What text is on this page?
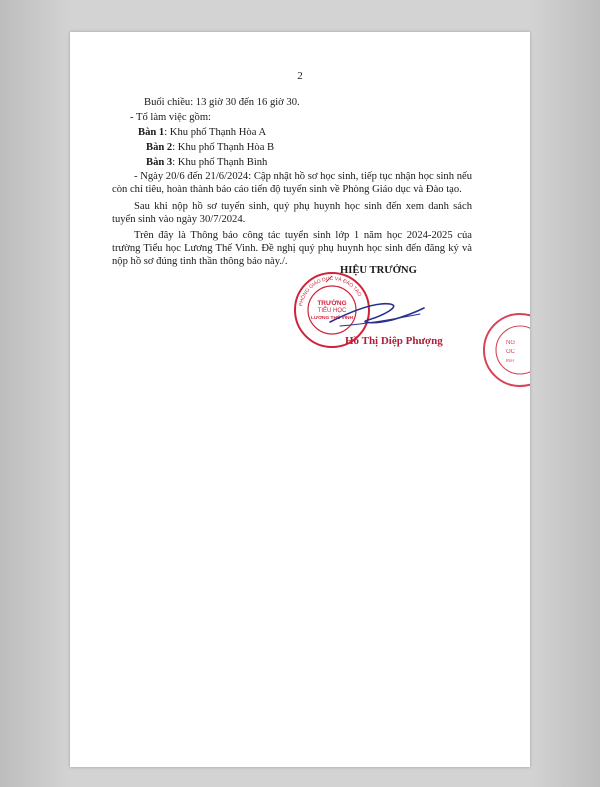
2
Buổi chiều: 13 giờ 30 đến 16 giờ 30.
- Tổ làm việc gồm:
Bàn 1: Khu phố Thạnh Hòa A
Bàn 2: Khu phố Thạnh Hòa B
Bàn 3: Khu phố Thạnh Bình
- Ngày 20/6 đến 21/6/2024: Cập nhật hồ sơ học sinh, tiếp tục nhận học sinh nếu còn chỉ tiêu, hoàn thành báo cáo tiến độ tuyển sinh về Phòng Giáo dục và Đào tạo.
Sau khi nộp hồ sơ tuyển sinh, quý phụ huynh học sinh đến xem danh sách tuyển sinh vào ngày 30/7/2024.
Trên đây là Thông báo công tác tuyển sinh lớp 1 năm học 2024-2025 của trường Tiểu học Lương Thế Vinh. Đề nghị quý phụ huynh học sinh đến đăng ký và nộp hồ sơ đúng tinh thần thông báo này./.
HIỆU TRƯỞNG
PHÒNG GIÁO DỤC VÀ ĐÀO TẠO
TRƯỜNG
TIỂU HỌC
LƯƠNG THẾ VINH
NG
OC
INH
Hồ Thị Diệp Phượng
